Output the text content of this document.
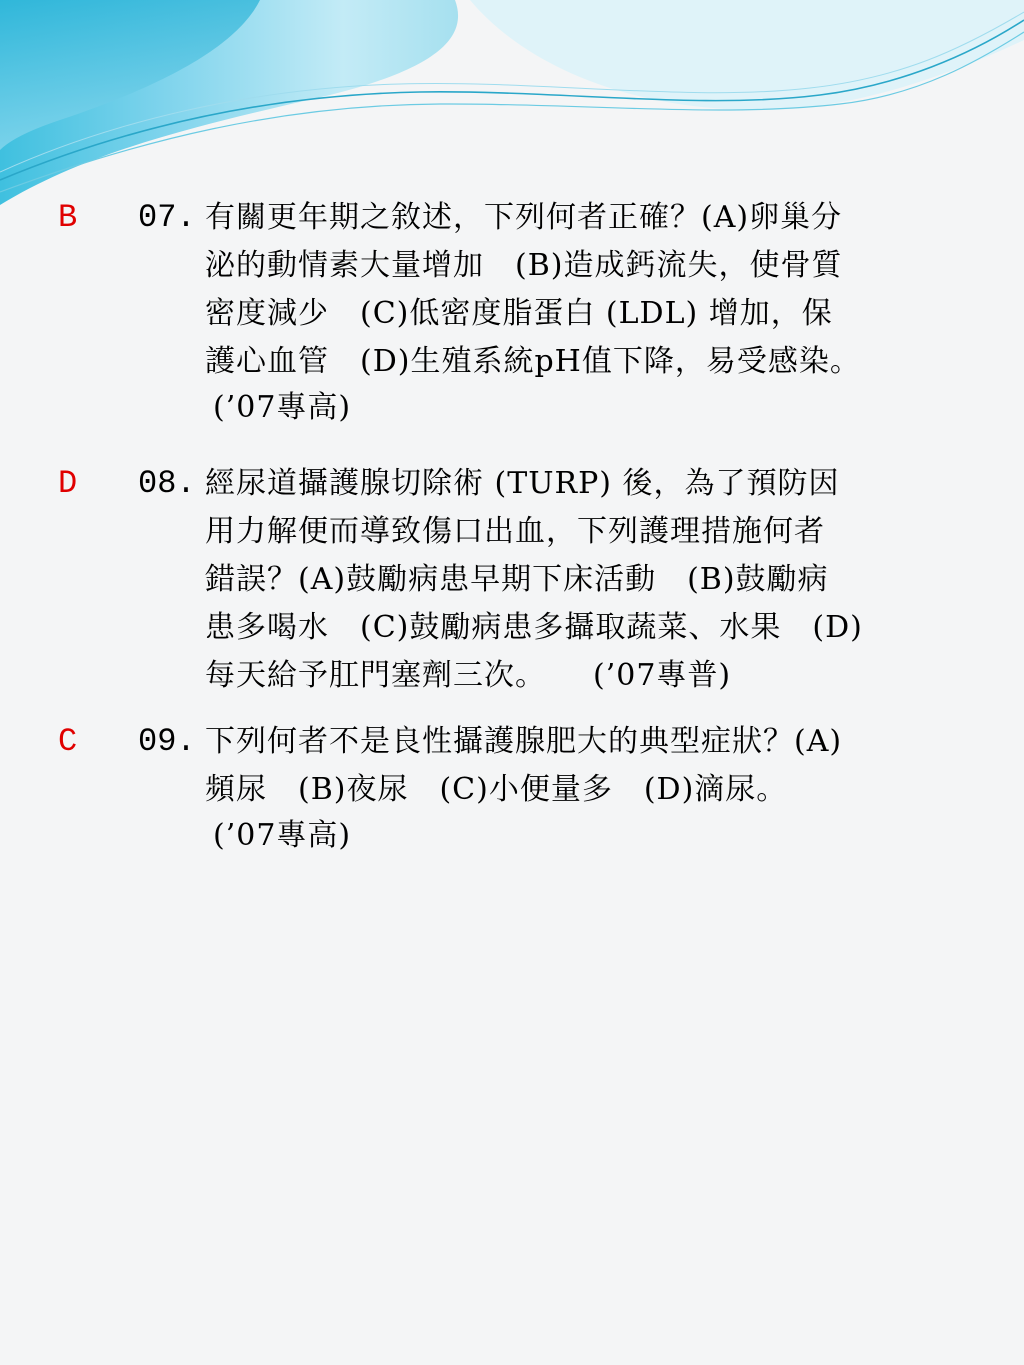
B 07. 有關更年期之敘述，下列何者正確？(A)卵巢分
泌的動情素大量增加　(B)造成鈣流失，使骨質
密度減少　(C)低密度脂蛋白 (LDL) 增加，保
護心血管　(D)生殖系統pH值下降，易受感染。
(’07專高)
D 08. 經尿道攝護腺切除術 (TURP) 後，為了預防因
用力解便而導致傷口出血，下列護理措施何者
錯誤？(A)鼓勵病患早期下床活動　(B)鼓勵病
患多喝水　(C)鼓勵病患多攝取蔬菜、水果　(D)
每天給予肛門塞劑三次。　　(’07專普)
C 09. 下列何者不是良性攝護腺肥大的典型症狀？(A)
頻尿　(B)夜尿　(C)小便量多　(D)滴尿。
(’07專高)
